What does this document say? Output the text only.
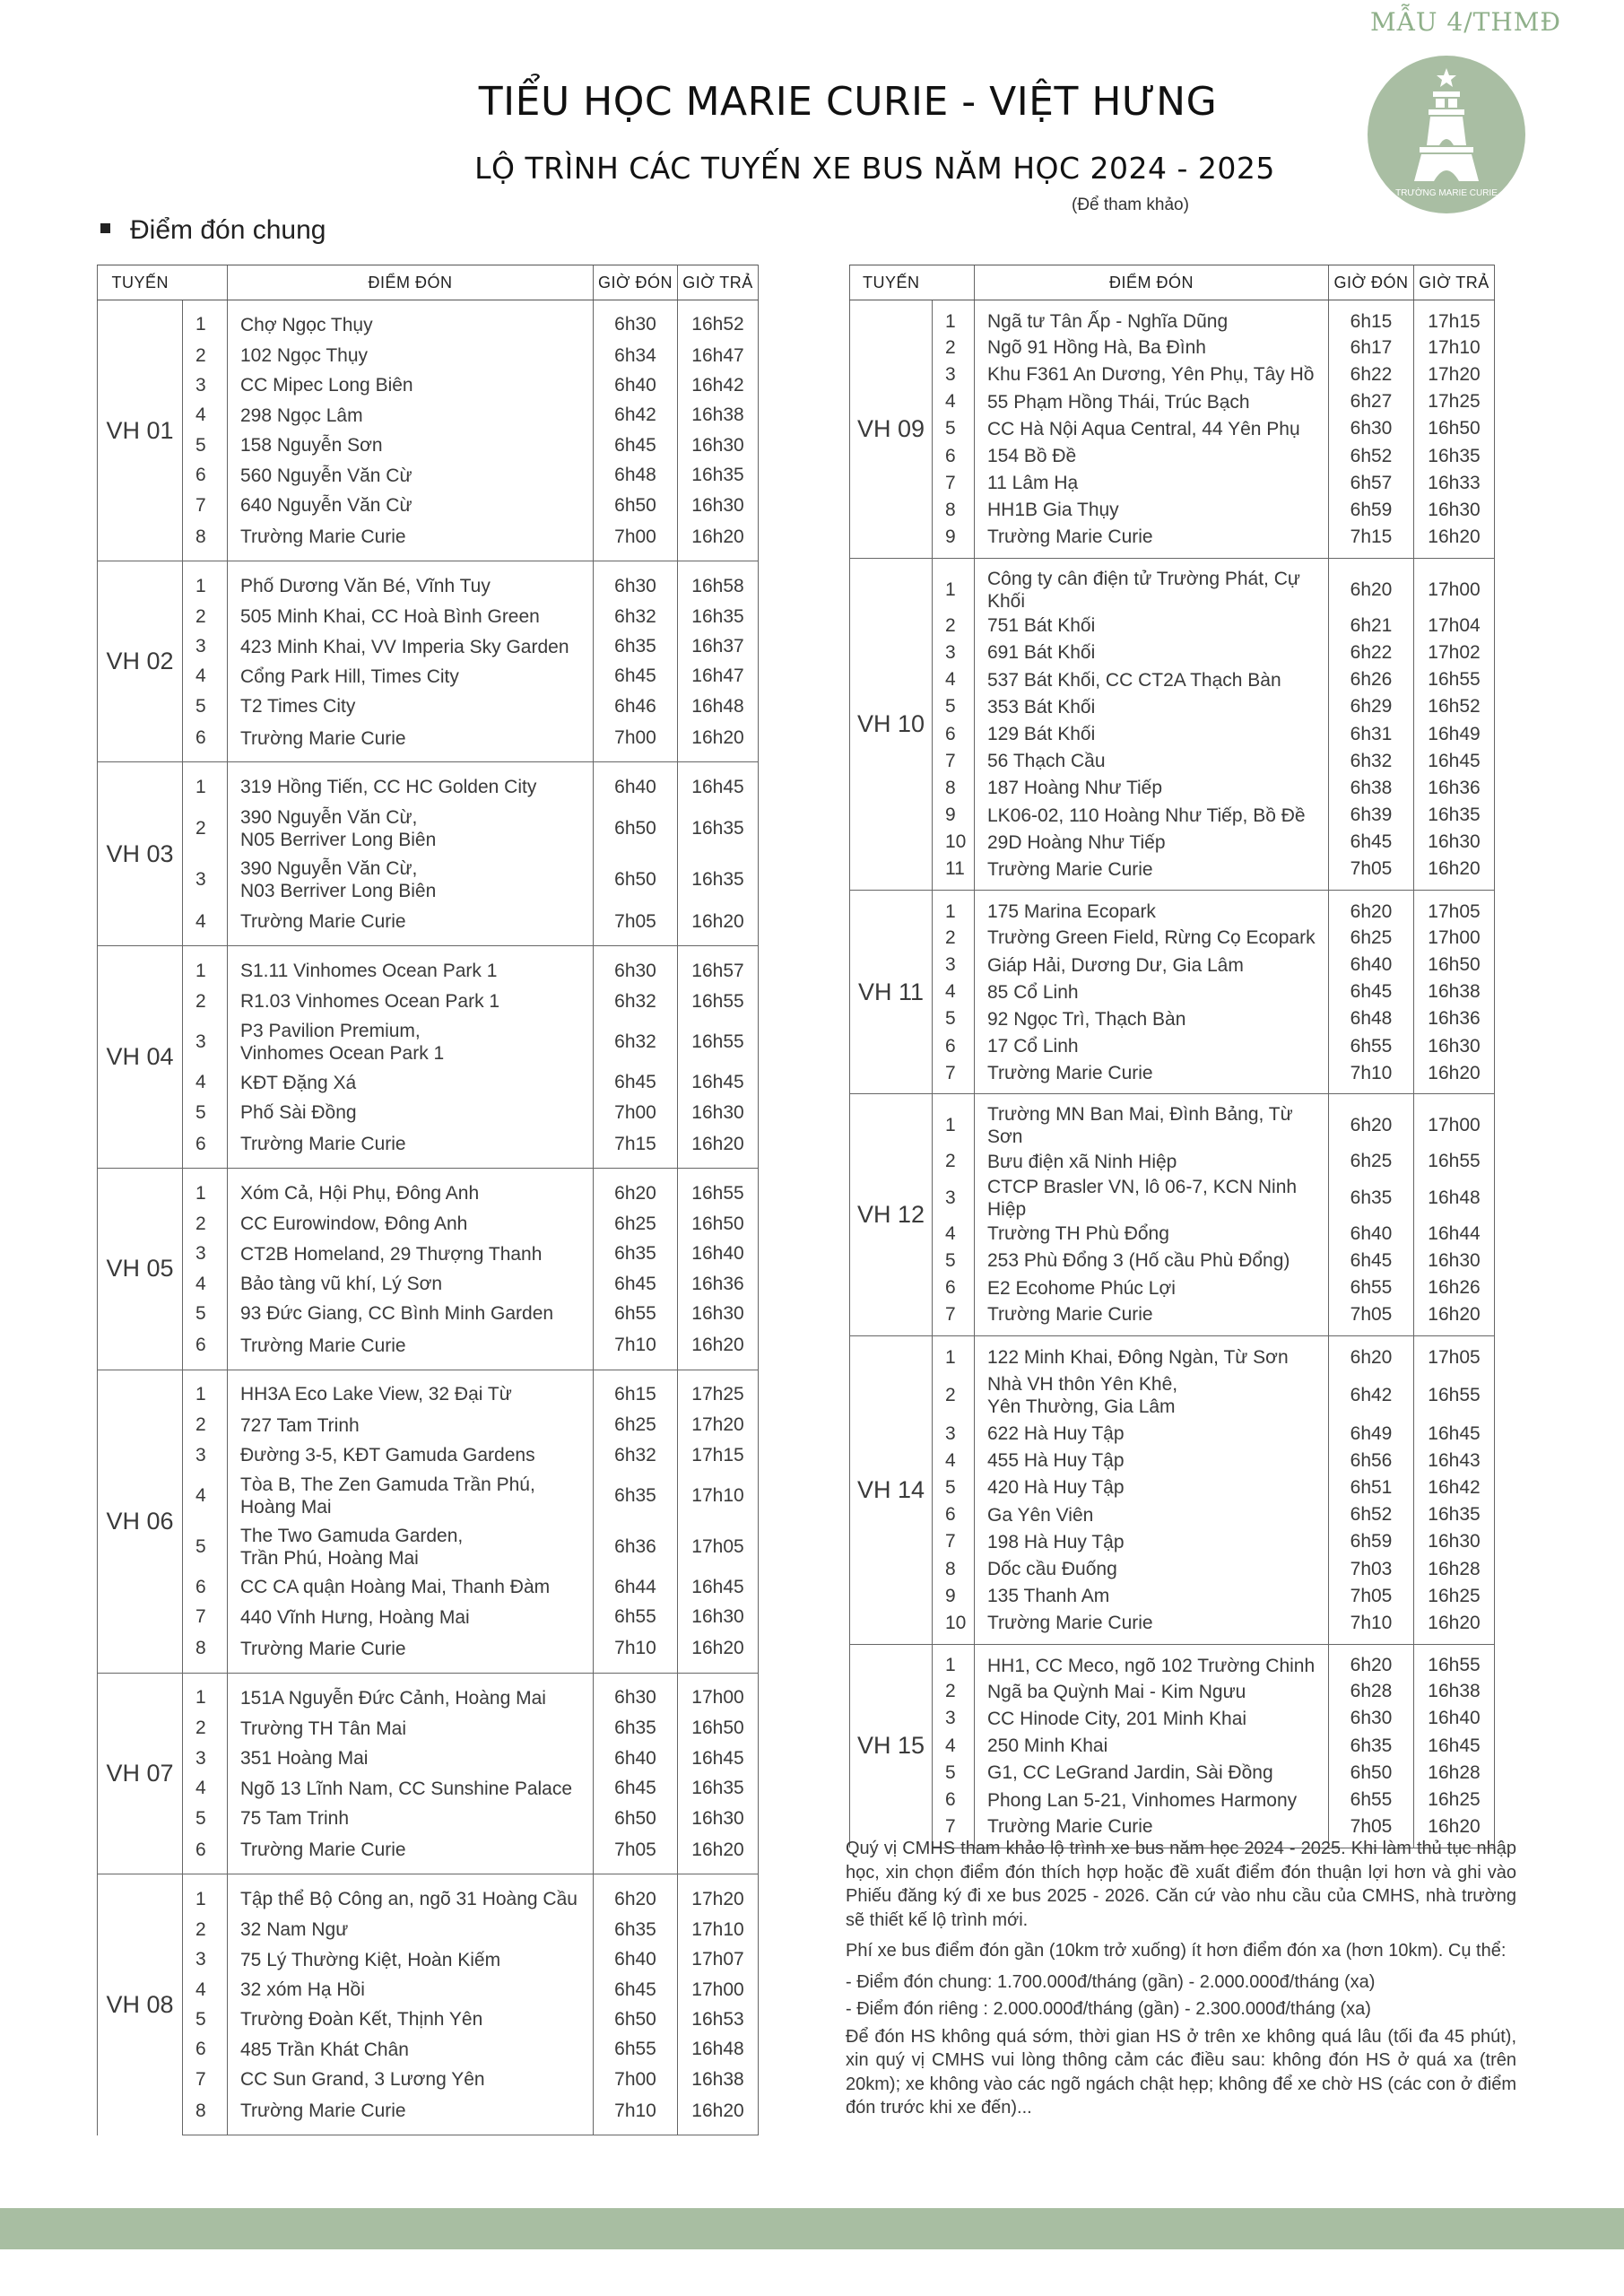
TIỂU HỌC MARIE CURIE - VIỆT HƯNG
LỘ TRÌNH CÁC TUYẾN XE BUS NĂM HỌC 2024 - 2025
(Để tham khảo)
Điểm đón chung
TRƯỜNG MARIE CURIE
TUYẾN		ĐIỂM ĐÓN	GIỜ ĐÓN	GIỜ TRẢ
VH 01	1	Chợ Ngọc Thụy	6h30	16h52
	2	102 Ngọc Thụy	6h34	16h47
	3	CC Mipec Long Biên	6h40	16h42
	4	298 Ngọc Lâm	6h42	16h38
	5	158 Nguyễn Sơn	6h45	16h30
	6	560 Nguyễn Văn Cừ	6h48	16h35
	7	640 Nguyễn Văn Cừ	6h50	16h30
	8	Trường Marie Curie	7h00	16h20
VH 02	1	Phố Dương Văn Bé, Vĩnh Tuy	6h30	16h58
	2	505 Minh Khai, CC Hoà Bình Green	6h32	16h35
	3	423 Minh Khai, VV Imperia Sky Garden	6h35	16h37
	4	Cổng Park Hill, Times City	6h45	16h47
	5	T2 Times City	6h46	16h48
	6	Trường Marie Curie	7h00	16h20
VH 03	1	319 Hồng Tiến, CC HC Golden City	6h40	16h45
	2	390 Nguyễn Văn Cừ,
N05 Berriver Long Biên	6h50	16h35
	3	390 Nguyễn Văn Cừ,
N03 Berriver Long Biên	6h50	16h35
	4	Trường Marie Curie	7h05	16h20
VH 04	1	S1.11 Vinhomes Ocean Park 1	6h30	16h57
	2	R1.03 Vinhomes Ocean Park 1	6h32	16h55
	3	P3 Pavilion Premium,
Vinhomes Ocean Park 1	6h32	16h55
	4	KĐT Đặng Xá	6h45	16h45
	5	Phố Sài Đồng	7h00	16h30
	6	Trường Marie Curie	7h15	16h20
VH 05	1	Xóm Cả, Hội Phụ, Đông Anh	6h20	16h55
	2	CC Eurowindow, Đông Anh	6h25	16h50
	3	CT2B Homeland, 29 Thượng Thanh	6h35	16h40
	4	Bảo tàng vũ khí, Lý Sơn	6h45	16h36
	5	93 Đức Giang, CC Bình Minh Garden	6h55	16h30
	6	Trường Marie Curie	7h10	16h20
VH 06	1	HH3A Eco Lake View, 32 Đại Từ	6h15	17h25
	2	727 Tam Trinh	6h25	17h20
	3	Đường 3-5, KĐT Gamuda Gardens	6h32	17h15
	4	Tòa B, The Zen Gamuda Trần Phú,
Hoàng Mai	6h35	17h10
	5	The Two Gamuda Garden,
Trần Phú, Hoàng Mai	6h36	17h05
	6	CC CA quận Hoàng Mai, Thanh Đàm	6h44	16h45
	7	440 Vĩnh Hưng, Hoàng Mai	6h55	16h30
	8	Trường Marie Curie	7h10	16h20
VH 07	1	151A Nguyễn Đức Cảnh, Hoàng Mai	6h30	17h00
	2	Trường TH Tân Mai	6h35	16h50
	3	351 Hoàng Mai	6h40	16h45
	4	Ngõ 13 Lĩnh Nam, CC Sunshine Palace	6h45	16h35
	5	75 Tam Trinh	6h50	16h30
	6	Trường Marie Curie	7h05	16h20
VH 08	1	Tập thể Bộ Công an, ngõ 31 Hoàng Cầu	6h20	17h20
	2	32 Nam Ngư	6h35	17h10
	3	75 Lý Thường Kiệt, Hoàn Kiếm	6h40	17h07
	4	32 xóm Hạ Hồi	6h45	17h00
	5	Trường Đoàn Kết, Thịnh Yên	6h50	16h53
	6	485 Trần Khát Chân	6h55	16h48
	7	CC Sun Grand, 3 Lương Yên	7h00	16h38
	8	Trường Marie Curie	7h10	16h20
TUYẾN		ĐIỂM ĐÓN	GIỜ ĐÓN	GIỜ TRẢ
VH 09	1	Ngã tư Tân Ấp - Nghĩa Dũng	6h15	17h15
	2	Ngõ 91 Hồng Hà, Ba Đình	6h17	17h10
	3	Khu F361 An Dương, Yên Phụ, Tây Hồ	6h22	17h20
	4	55 Phạm Hồng Thái, Trúc Bạch	6h27	17h25
	5	CC Hà Nội Aqua Central, 44 Yên Phụ	6h30	16h50
	6	154 Bồ Đề	6h52	16h35
	7	11 Lâm Hạ	6h57	16h33
	8	HH1B Gia Thụy	6h59	16h30
	9	Trường Marie Curie	7h15	16h20
VH 10	1	Công ty cân điện tử Trường Phát, Cự Khối	6h20	17h00
	2	751 Bát Khối	6h21	17h04
	3	691 Bát Khối	6h22	17h02
	4	537 Bát Khối, CC CT2A Thạch Bàn	6h26	16h55
	5	353 Bát Khối	6h29	16h52
	6	129 Bát Khối	6h31	16h49
	7	56 Thạch Cầu	6h32	16h45
	8	187 Hoàng Như Tiếp	6h38	16h36
	9	LK06-02, 110 Hoàng Như Tiếp, Bồ Đề	6h39	16h35
	10	29D Hoàng Như Tiếp	6h45	16h30
	11	Trường Marie Curie	7h05	16h20
VH 11	1	175 Marina Ecopark	6h20	17h05
	2	Trường Green Field, Rừng Cọ Ecopark	6h25	17h00
	3	Giáp Hải, Dương Dư, Gia Lâm	6h40	16h50
	4	85 Cổ Linh	6h45	16h38
	5	92 Ngọc Trì, Thạch Bàn	6h48	16h36
	6	17 Cổ Linh	6h55	16h30
	7	Trường Marie Curie	7h10	16h20
VH 12	1	Trường MN Ban Mai, Đình Bảng, Từ Sơn	6h20	17h00
	2	Bưu điện xã Ninh Hiệp	6h25	16h55
	3	CTCP Brasler VN, lô 06-7, KCN Ninh Hiệp	6h35	16h48
	4	Trường TH Phù Đổng	6h40	16h44
	5	253 Phù Đổng 3 (Hố cầu Phù Đổng)	6h45	16h30
	6	E2 Ecohome Phúc Lợi	6h55	16h26
	7	Trường Marie Curie	7h05	16h20
VH 14	1	122 Minh Khai, Đông Ngàn, Từ Sơn	6h20	17h05
	2	Nhà VH thôn Yên Khê,
Yên Thường, Gia Lâm	6h42	16h55
	3	622 Hà Huy Tập	6h49	16h45
	4	455 Hà Huy Tập	6h56	16h43
	5	420 Hà Huy Tập	6h51	16h42
	6	Ga Yên Viên	6h52	16h35
	7	198 Hà Huy Tập	6h59	16h30
	8	Dốc cầu Đuống	7h03	16h28
	9	135 Thanh Am	7h05	16h25
	10	Trường Marie Curie	7h10	16h20
VH 15	1	HH1, CC Meco, ngõ 102 Trường Chinh	6h20	16h55
	2	Ngã ba Quỳnh Mai - Kim Ngưu	6h28	16h38
	3	CC Hinode City, 201 Minh Khai	6h30	16h40
	4	250 Minh Khai	6h35	16h45
	5	G1, CC LeGrand Jardin, Sài Đồng	6h50	16h28
	6	Phong Lan 5-21, Vinhomes Harmony	6h55	16h25
	7	Trường Marie Curie	7h05	16h20

Quý vị CMHS tham khảo lộ trình xe bus năm học 2024 - 2025. Khi làm thủ tục nhập học, xin chọn điểm đón thích hợp hoặc đề xuất điểm đón thuận lợi hơn và ghi vào Phiếu đăng ký đi xe bus 2025 - 2026. Căn cứ vào nhu cầu của CMHS, nhà trường sẽ thiết kế lộ trình mới.

Phí xe bus điểm đón gần (10km trở xuống) ít hơn điểm đón xa (hơn 10km). Cụ thể:

- Điểm đón chung: 1.700.000đ/tháng (gần) - 2.000.000đ/tháng (xa)

- Điểm đón riêng : 2.000.000đ/tháng (gần) - 2.300.000đ/tháng (xa)

Để đón HS không quá sớm, thời gian HS ở trên xe không quá lâu (tối đa 45 phút), xin quý vị CMHS vui lòng thông cảm các điều sau: không đón HS ở quá xa (trên 20km); xe không vào các ngõ ngách chật hẹp; không để xe chờ HS (các con ở điểm đón trước khi xe đến)...

MARIE CURIE SCHOOL	MẪU 4/THMĐ
